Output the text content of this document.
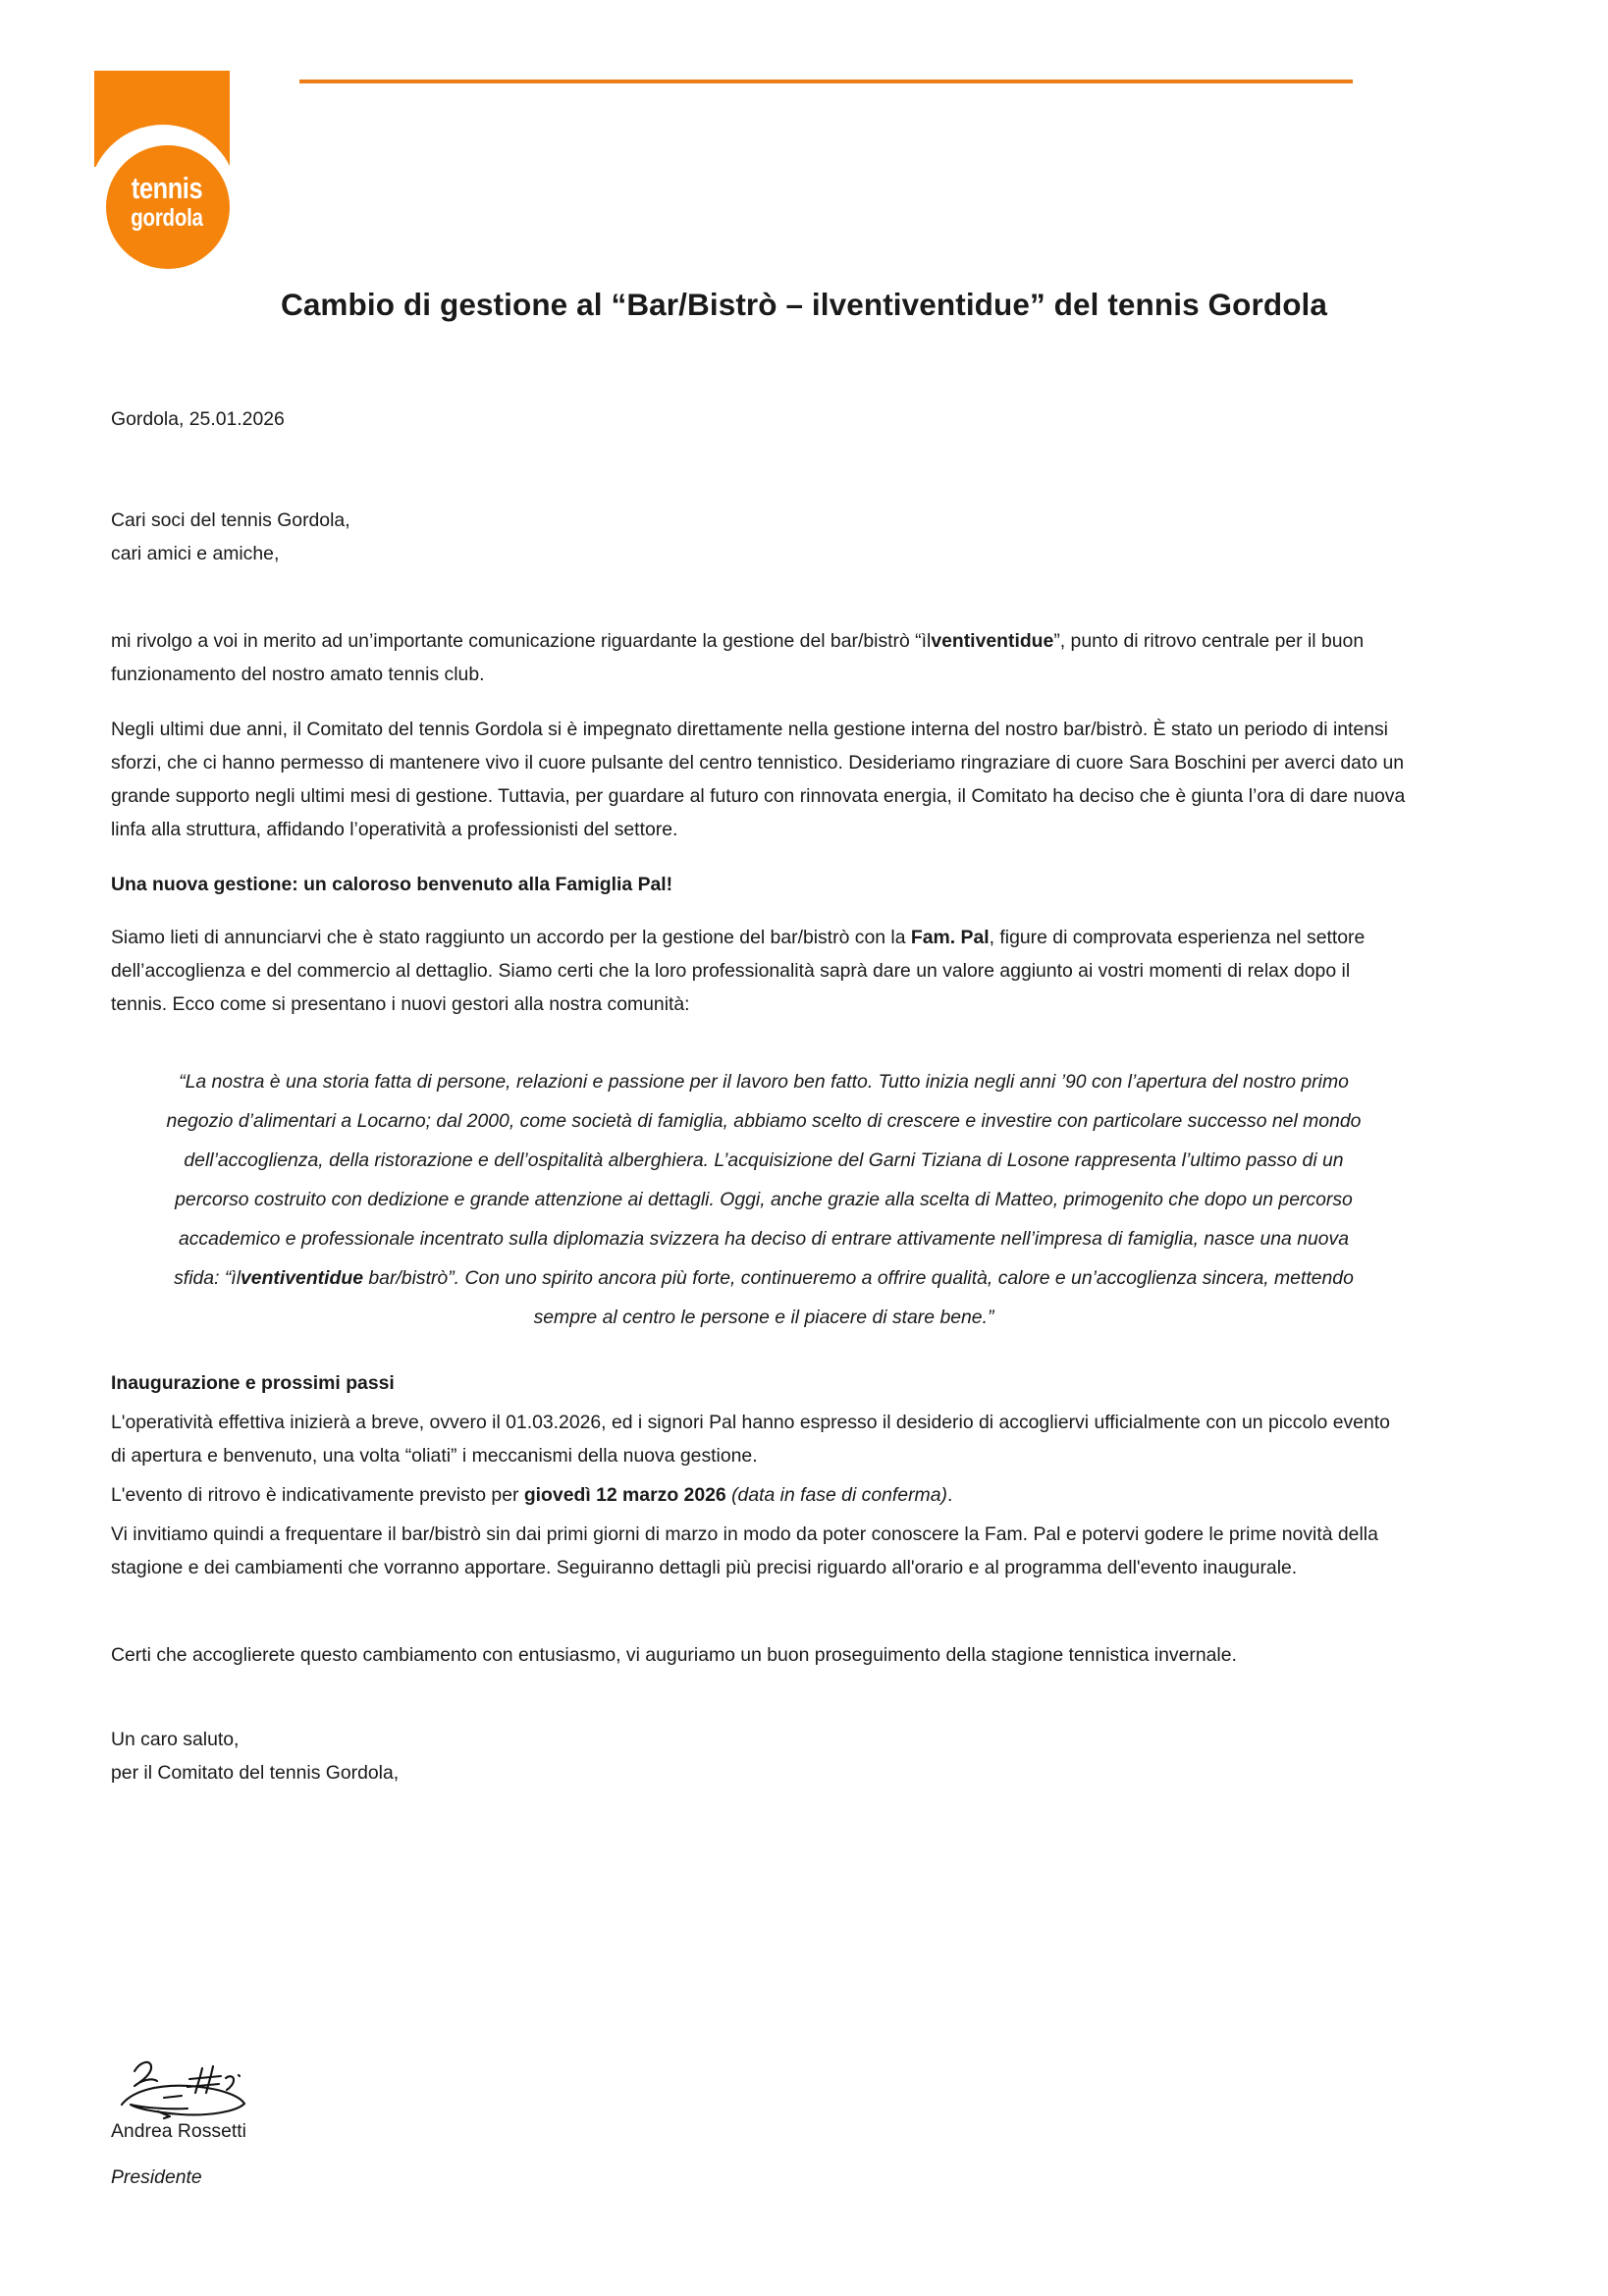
tennis
gordola
Cambio di gestione al “Bar/Bistrò – ilventiventidue” del tennis Gordola

Gordola, 25.01.2026

Cari soci del tennis Gordola,

cari amici e amiche,

mi rivolgo a voi in merito ad un’importante comunicazione riguardante la gestione del bar/bistrò “ìlventiventidue”, punto di ritrovo centrale per il buon funzionamento del nostro amato tennis club.

Negli ultimi due anni, il Comitato del tennis Gordola si è impegnato direttamente nella gestione interna del nostro bar/bistrò. È stato un periodo di intensi sforzi, che ci hanno permesso di mantenere vivo il cuore pulsante del centro tennistico. Desideriamo ringraziare di cuore Sara Boschini per averci dato un grande supporto negli ultimi mesi di gestione. Tuttavia, per guardare al futuro con rinnovata energia, il Comitato ha deciso che è giunta l’ora di dare nuova linfa alla struttura, affidando l’operatività a professionisti del settore.

Una nuova gestione: un caloroso benvenuto alla Famiglia Pal!

Siamo lieti di annunciarvi che è stato raggiunto un accordo per la gestione del bar/bistrò con la Fam. Pal, figure di comprovata esperienza nel settore dell’accoglienza e del commercio al dettaglio. Siamo certi che la loro professionalità saprà dare un valore aggiunto ai vostri momenti di relax dopo il tennis. Ecco come si presentano i nuovi gestori alla nostra comunità:

“La nostra è una storia fatta di persone, relazioni e passione per il lavoro ben fatto. Tutto inizia negli anni ’90 con l’apertura del nostro primo negozio d’alimentari a Locarno; dal 2000, come società di famiglia, abbiamo scelto di crescere e investire con particolare successo nel mondo dell’accoglienza, della ristorazione e dell’ospitalità alberghiera. L’acquisizione del Garni Tiziana di Losone rappresenta l’ultimo passo di un percorso costruito con dedizione e grande attenzione ai dettagli. Oggi, anche grazie alla scelta di Matteo, primogenito che dopo un percorso accademico e professionale incentrato sulla diplomazia svizzera ha deciso di entrare attivamente nell’impresa di famiglia, nasce una nuova sfida: “ìlventiventidue bar/bistrò”. Con uno spirito ancora più forte, continueremo a offrire qualità, calore e un’accoglienza sincera, mettendo sempre al centro le persone e il piacere di stare bene.”

Inaugurazione e prossimi passi

L'operatività effettiva inizierà a breve, ovvero il 01.03.2026, ed i signori Pal hanno espresso il desiderio di accogliervi ufficialmente con un piccolo evento di apertura e benvenuto, una volta “oliati” i meccanismi della nuova gestione.

L'evento di ritrovo è indicativamente previsto per giovedì 12 marzo 2026 (data in fase di conferma).

Vi invitiamo quindi a frequentare il bar/bistrò sin dai primi giorni di marzo in modo da poter conoscere la Fam. Pal e potervi godere le prime novità della stagione e dei cambiamenti che vorranno apportare. Seguiranno dettagli più precisi riguardo all'orario e al programma dell'evento inaugurale.

Certi che accoglierete questo cambiamento con entusiasmo, vi auguriamo un buon proseguimento della stagione tennistica invernale.

Un caro saluto,

per il Comitato del tennis Gordola,

Andrea Rossetti
Presidente
